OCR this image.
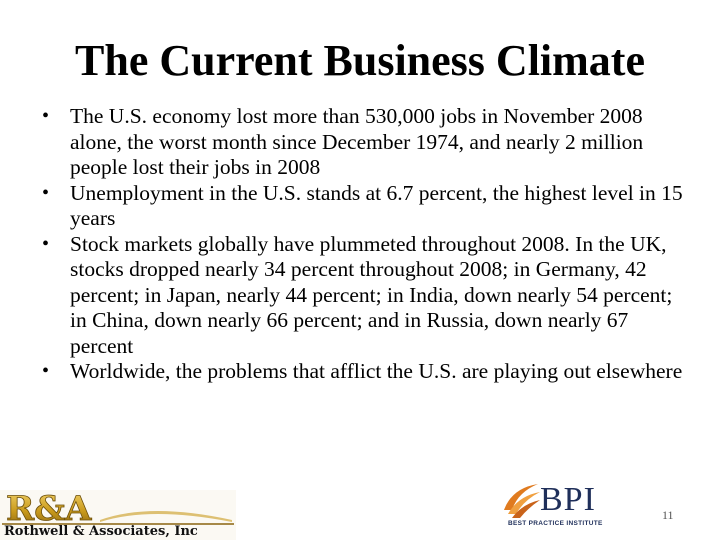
The Current Business Climate
• The U.S. economy lost more than 530,000 jobs in November 2008 alone, the worst month since December 1974, and nearly 2 million people lost their jobs in 2008
• Unemployment in the U.S. stands at 6.7 percent, the highest level in 15 years
• Stock markets globally have plummeted throughout 2008. In the UK, stocks dropped nearly 34 percent throughout 2008; in Germany, 42 percent; in Japan, nearly 44 percent; in India, down nearly 54 percent; in China, down nearly 66 percent; and in Russia, down nearly 67 percent
• Worldwide, the problems that afflict the U.S. are playing out elsewhere
R&A
Rothwell & Associates, Inc
BPI
BEST PRACTICE INSTITUTE
11
